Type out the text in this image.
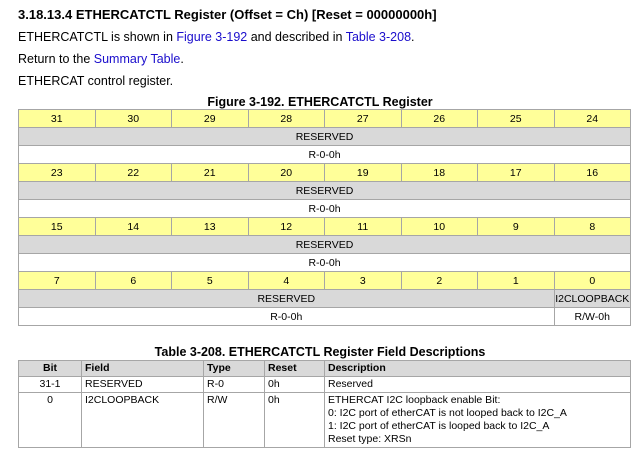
3.18.13.4 ETHERCATCTL Register (Offset = Ch) [Reset = 00000000h]
ETHERCATCTL is shown in Figure 3-192 and described in Table 3-208.
Return to the Summary Table.
ETHERCAT control register.
Figure 3-192. ETHERCATCTL Register
31	30	29	28	27	26	25	24
RESERVED							
R-0-0h							
23	22	21	20	19	18	17	16
RESERVED							
R-0-0h							
15	14	13	12	11	10	9	8
RESERVED							
R-0-0h							
7	6	5	4	3	2	1	0
RESERVED							I2CLOOPBACK
R-0-0h							R/W-0h
Table 3-208. ETHERCATCTL Register Field Descriptions
Bit	Field	Type	Reset	Description
31-1	RESERVED	R-0	0h	Reserved

0	I2CLOOPBACK	R/W	0h	ETHERCAT I2C loopback enable Bit:
0: I2C port of etherCAT is not looped back to I2C_A
1: I2C port of etherCAT is looped back to I2C_A
Reset type: XRSn
